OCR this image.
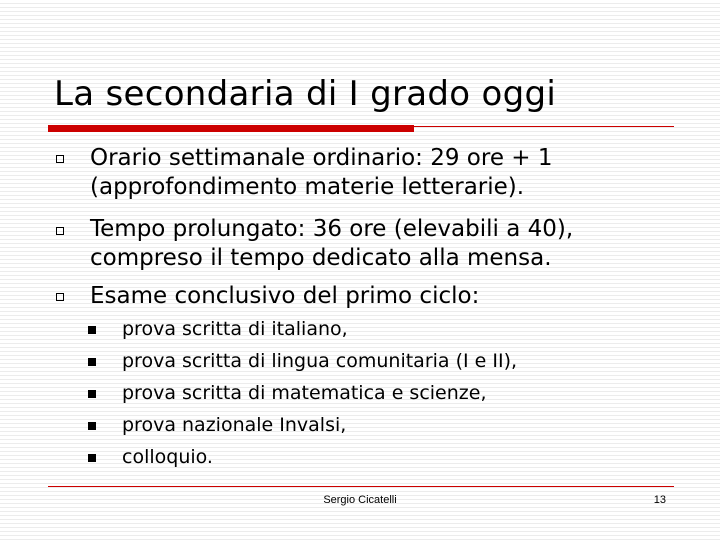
La secondaria di I grado oggi
Orario settimanale ordinario: 29 ore + 1
(approfondimento materie letterarie).
Tempo prolungato: 36 ore (elevabili a 40),
compreso il tempo dedicato alla mensa.
Esame conclusivo del primo ciclo:
prova scritta di italiano,
prova scritta di lingua comunitaria (I e II),
prova scritta di matematica e scienze,
prova nazionale Invalsi,
colloquio.
Sergio Cicatelli	13
